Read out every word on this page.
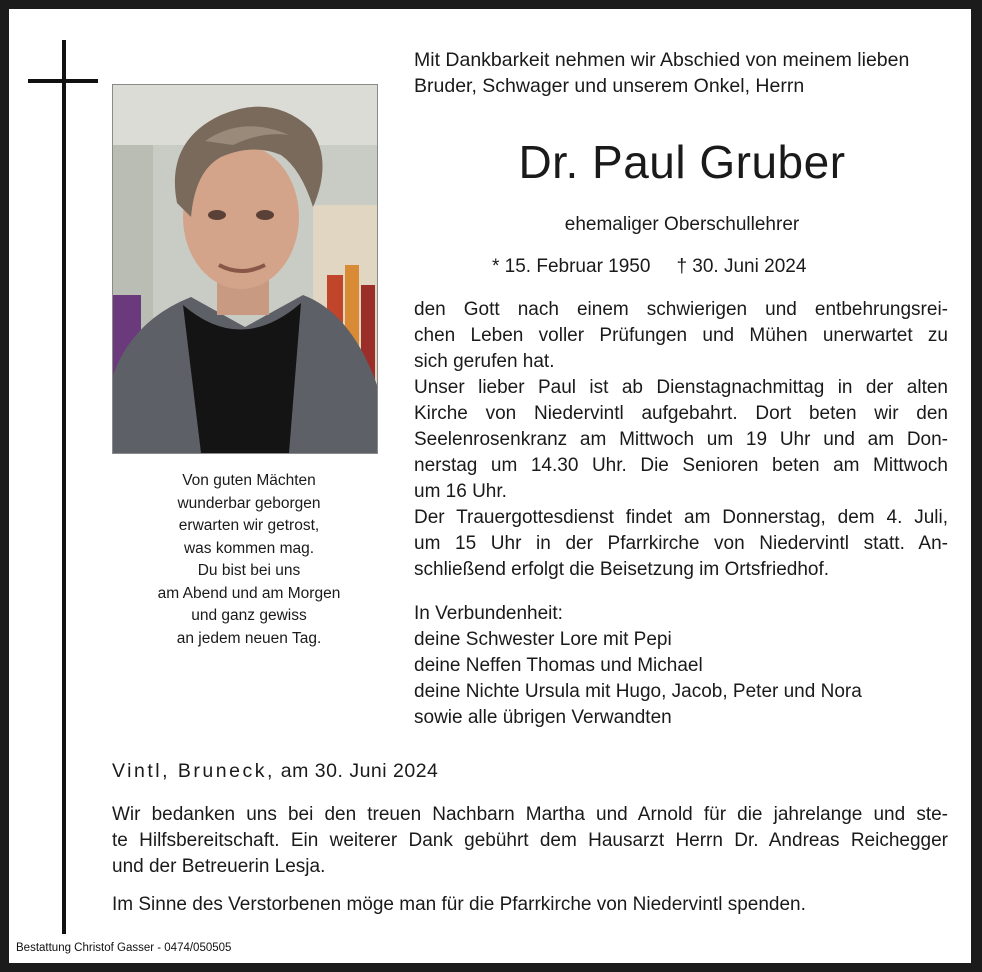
Von guten Mächten
wunderbar geborgen
erwarten wir getrost,
was kommen mag.
Du bist bei uns
am Abend und am Morgen
und ganz gewiss
an jedem neuen Tag.
Mit Dankbarkeit nehmen wir Abschied von meinem lieben
Bruder, Schwager und unserem Onkel, Herrn
Dr. Paul Gruber
ehemaliger Oberschullehrer
* 15. Februar 1950 † 30. Juni 2024
den Gott nach einem schwierigen und entbehrungsrei-
chen Leben voller Prüfungen und Mühen unerwartet zu
sich gerufen hat.
Unser lieber Paul ist ab Dienstagnachmittag in der alten
Kirche von Niedervintl aufgebahrt. Dort beten wir den
Seelenrosenkranz am Mittwoch um 19 Uhr und am Don-
nerstag um 14.30 Uhr. Die Senioren beten am Mittwoch
um 16 Uhr.
Der Trauergottesdienst findet am Donnerstag, dem 4. Juli,
um 15 Uhr in der Pfarrkirche von Niedervintl statt. An-
schließend erfolgt die Beisetzung im Ortsfriedhof.
In Verbundenheit:
deine Schwester Lore mit Pepi
deine Neffen Thomas und Michael
deine Nichte Ursula mit Hugo, Jacob, Peter und Nora
sowie alle übrigen Verwandten
Vintl, Bruneck, am 30. Juni 2024
Wir bedanken uns bei den treuen Nachbarn Martha und Arnold für die jahrelange und ste-
te Hilfsbereitschaft. Ein weiterer Dank gebührt dem Hausarzt Herrn Dr. Andreas Reichegger
und der Betreuerin Lesja.
Im Sinne des Verstorbenen möge man für die Pfarrkirche von Niedervintl spenden.
Bestattung Christof Gasser - 0474/050505
